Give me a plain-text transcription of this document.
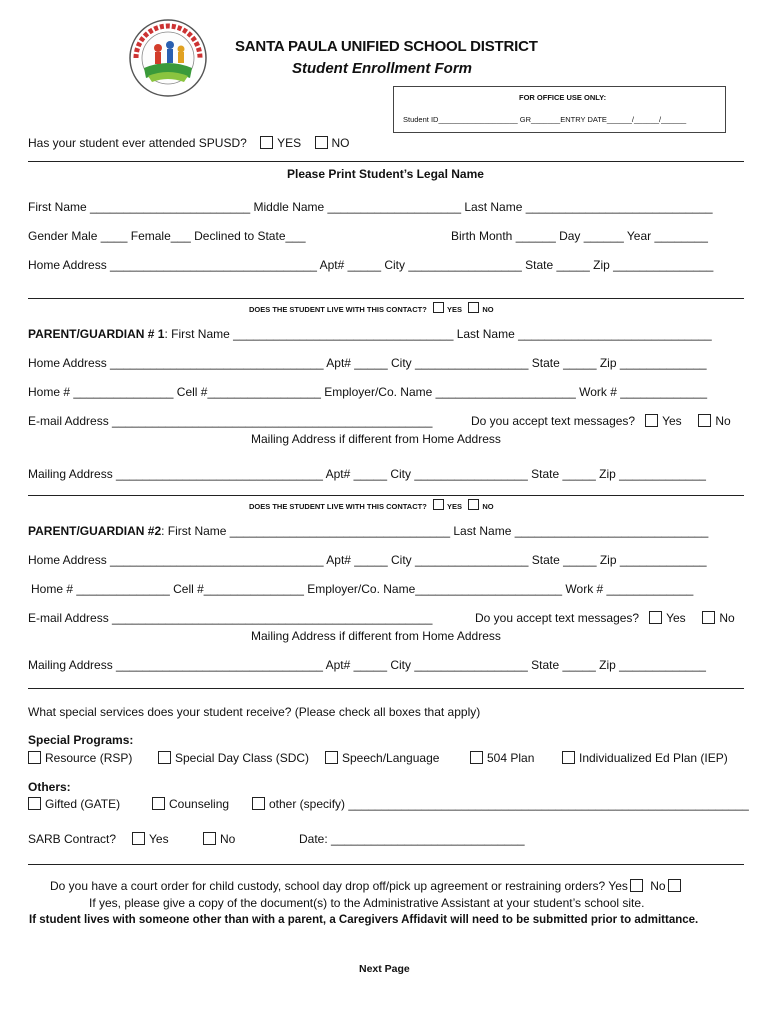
SANTA PAULA UNIFIED SCHOOL DISTRICT
Student Enrollment Form
FOR OFFICE USE ONLY:
Student ID___________________ GR_______ENTRY DATE______/______/______
Has your student ever attended SPUSD?	YES	NO
Please Print Student’s Legal Name
First Name ________________________ Middle Name ____________________ Last Name ____________________________
Gender Male ____ Female___ Declined to State___	Birth Month ______ Day ______ Year ________
Home Address _______________________________ Apt# _____ City _________________ State _____ Zip _______________
DOES THE STUDENT LIVE WITH THIS CONTACT?	YES	NO
PARENT/GUARDIAN # 1: First Name _________________________________ Last Name _____________________________
Home Address ________________________________ Apt# _____ City _________________ State _____ Zip _____________
Home # _______________ Cell #_________________ Employer/Co. Name _____________________ Work # _____________
E-mail Address ________________________________________________	Do you accept text messages? Yes	No
Mailing Address if different from Home Address
Mailing Address _______________________________ Apt# _____ City _________________ State _____ Zip _____________
DOES THE STUDENT LIVE WITH THIS CONTACT?	YES	NO
PARENT/GUARDIAN #2: First Name _________________________________ Last Name _____________________________
Home Address ________________________________ Apt# _____ City _________________ State _____ Zip _____________
Home # ______________ Cell #_______________ Employer/Co. Name______________________ Work # _____________
E-mail Address ________________________________________________	Do you accept text messages? Yes	No
Mailing Address if different from Home Address
Mailing Address _______________________________ Apt# _____ City _________________ State _____ Zip _____________
What special services does your student receive? (Please check all boxes that apply)
Special Programs:
Resource (RSP)	Special Day Class (SDC)	Speech/Language	504 Plan	Individualized Ed Plan (IEP)
Others:
Gifted (GATE)	Counseling	other (specify) ____________________________________________________________
SARB Contract?	Yes	No	Date: _____________________________
Do you have a court order for child custody, school day drop off/pick up agreement or restraining orders? Yes No
If yes, please give a copy of the document(s) to the Administrative Assistant at your student’s school site.
If student lives with someone other than with a parent, a Caregivers Affidavit will need to be submitted prior to admittance.
Next Page
